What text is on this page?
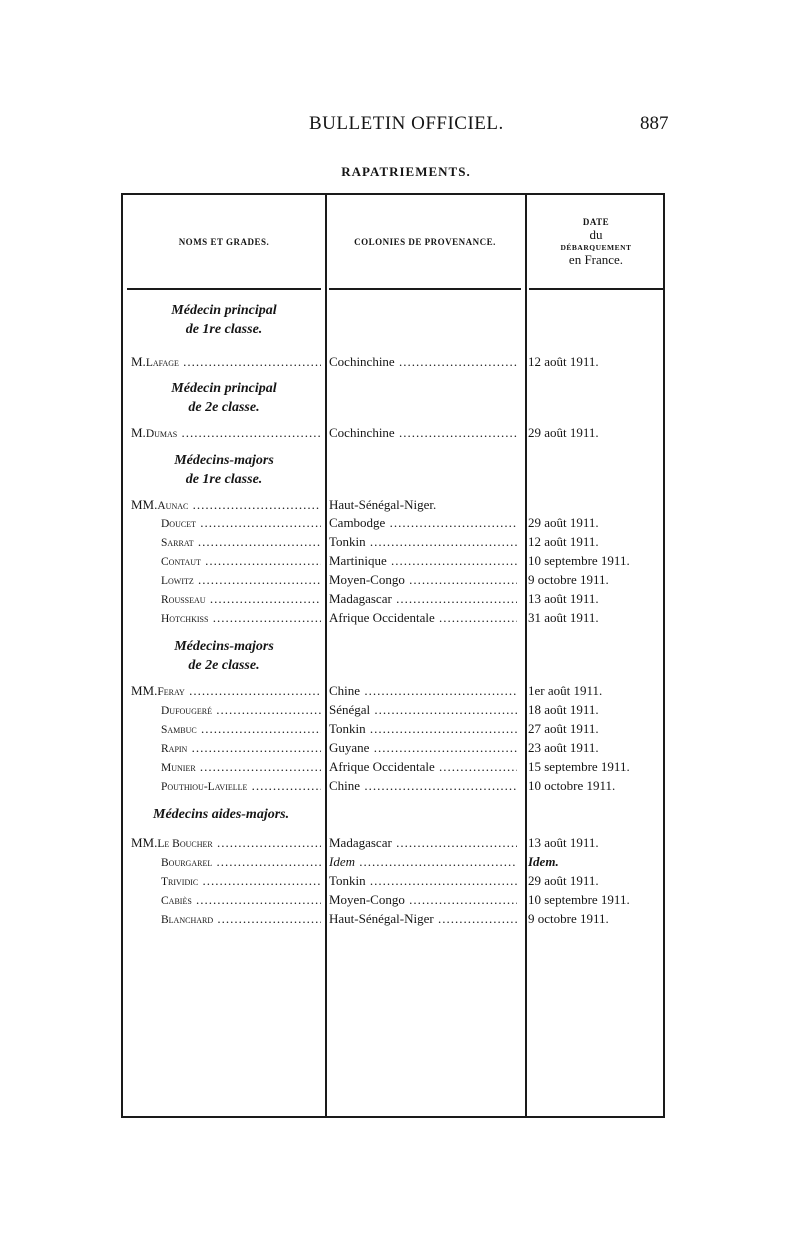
BULLETIN OFFICIEL.	887
RAPATRIEMENTS.
NOMS ET GRADES.	COLONIES DE PROVENANCE.
DATE
du
DÉBARQUEMENT
en France.
Médecin principal
de 1re classe.
M.Lafage .....	Cochinchine .....	12 août 1911.
Médecin principal
de 2e classe.
M.Dumas .....	Cochinchine .....	29 août 1911.
Médecins-majors
de 1re classe.
MM.Aunac .....	Haut-Sénégal-Niger.
Doucet .....	Cambodge .....	29 août 1911.
Sarrat .....	Tonkin .....	12 août 1911.
Contaut .....	Martinique .....	10 septembre 1911.
Lowitz .....	Moyen-Congo .....	9 octobre 1911.
Rousseau .....	Madagascar .....	13 août 1911.
Hotchkiss .....	Afrique Occidentale .....	31 août 1911.
Médecins-majors
de 2e classe.
MM.Feray .....	Chine .....	1er août 1911.
Dufougeré .....	Sénégal .....	18 août 1911.
Sambuc .....	Tonkin .....	27 août 1911.
Rapin .....	Guyane .....	23 août 1911.
Munier .....	Afrique Occidentale .....	15 septembre 1911.
Pouthiou-Lavielle .....	Chine .....	10 octobre 1911.
Médecins aides-majors.
MM.Le Boucher .....	Madagascar .....	13 août 1911.
Bourgarel .....	Idem .....	Idem.
Trividic .....	Tonkin .....	29 août 1911.
Cabiès .....	Moyen-Congo .....	10 septembre 1911.
Blanchard .....	Haut-Sénégal-Niger .....	9 octobre 1911.
